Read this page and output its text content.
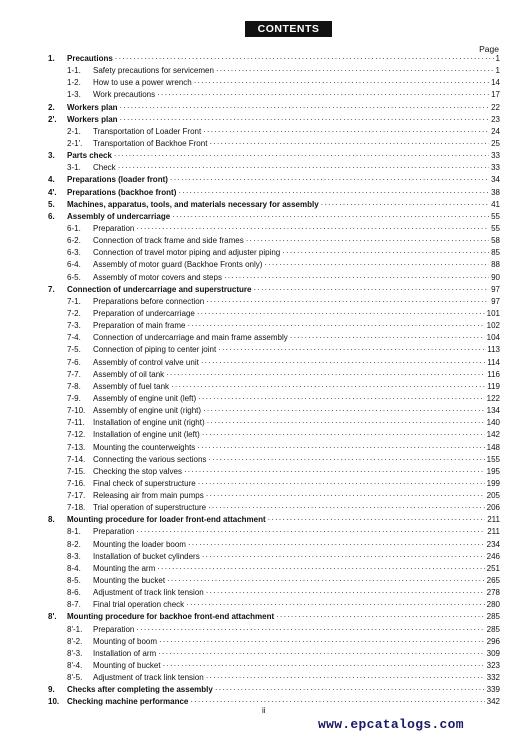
CONTENTS
Page
1.	Precautions ·····	1
1-1.	Safety precautions for servicemen ·····	1
1-2.	How to use a power wrench ·····	14
1-3.	Work precautions ·····	17
2.	Workers plan ·····	22
2'.	Workers plan ·····	23
2-1.	Transportation of Loader Front ·····	24
2-1'.	Transportation of Backhoe Front ·····	25
3.	Parts check ·····	33
3-1.	Check ·····	33
4.	Preparations (loader front) ·····	34
4'.	Preparations (backhoe front) ·····	38
5.	Machines, apparatus, tools, and materials necessary for assembly ·····	41
6.	Assembly of undercarriage ·····	55
6-1.	Preparation ·····	55
6-2.	Connection of track frame and side frames ·····	58
6-3.	Connection of travel motor piping and adjuster piping ·····	85
6-4.	Assembly of motor guard (Backhoe Fronts only) ·····	88
6-5.	Assembly of motor covers and steps ·····	90
7.	Connection of undercarriage and superstructure ·····	97
7-1.	Preparations before connection ·····	97
7-2.	Preparation of undercarriage ·····	101
7-3.	Preparation of main frame ·····	102
7-4.	Connection of undercarriage and main frame assembly ·····	104
7-5.	Connection of piping to center joint ·····	113
7-6.	Assembly of control valve unit ·····	114
7-7.	Assembly of oil tank ·····	116
7-8.	Assembly of fuel tank ·····	119
7-9.	Assembly of engine unit (left) ·····	122
7-10. Assembly of engine unit (right) ·····	134
7-11.	Installation of engine unit (right) ·····	140
7-12. Installation of engine unit (left) ·····	142
7-13. Mounting the counterweights ·····	148
7-14. Connecting the various sections ·····	155
7-15. Checking the stop valves ·····	195
7-16. Final check of superstructure ·····	199
7-17. Releasing air from main pumps ·····	205
7-18. Trial operation of superstructure ·····	206
8.	Mounting procedure for loader front-end attachment ·····	211
8-1.	Preparation ·····	211
8-2.	Mounting the loader boom ·····	234
8-3.	Installation of bucket cylinders ·····	246
8-4.	Mounting the arm ·····	251
8-5.	Mounting the bucket ·····	265
8-6.	Adjustment of track link tension ·····	278
8-7.	Final trial operation check ·····	280
8'.	Mounting procedure for backhoe front-end attachment ·····	285
8'-1.	Preparation ·····	285
8'-2.	Mounting of boom ·····	296
8'-3.	Installation of arm ·····	309
8'-4.	Mounting of bucket ·····	323
8'-5.	Adjustment of track link tension ·····	332
9.	Checks after completing the assembly ·····	339
10. Checking machine performance ·····	342
ii
www.epcatalogs.com
